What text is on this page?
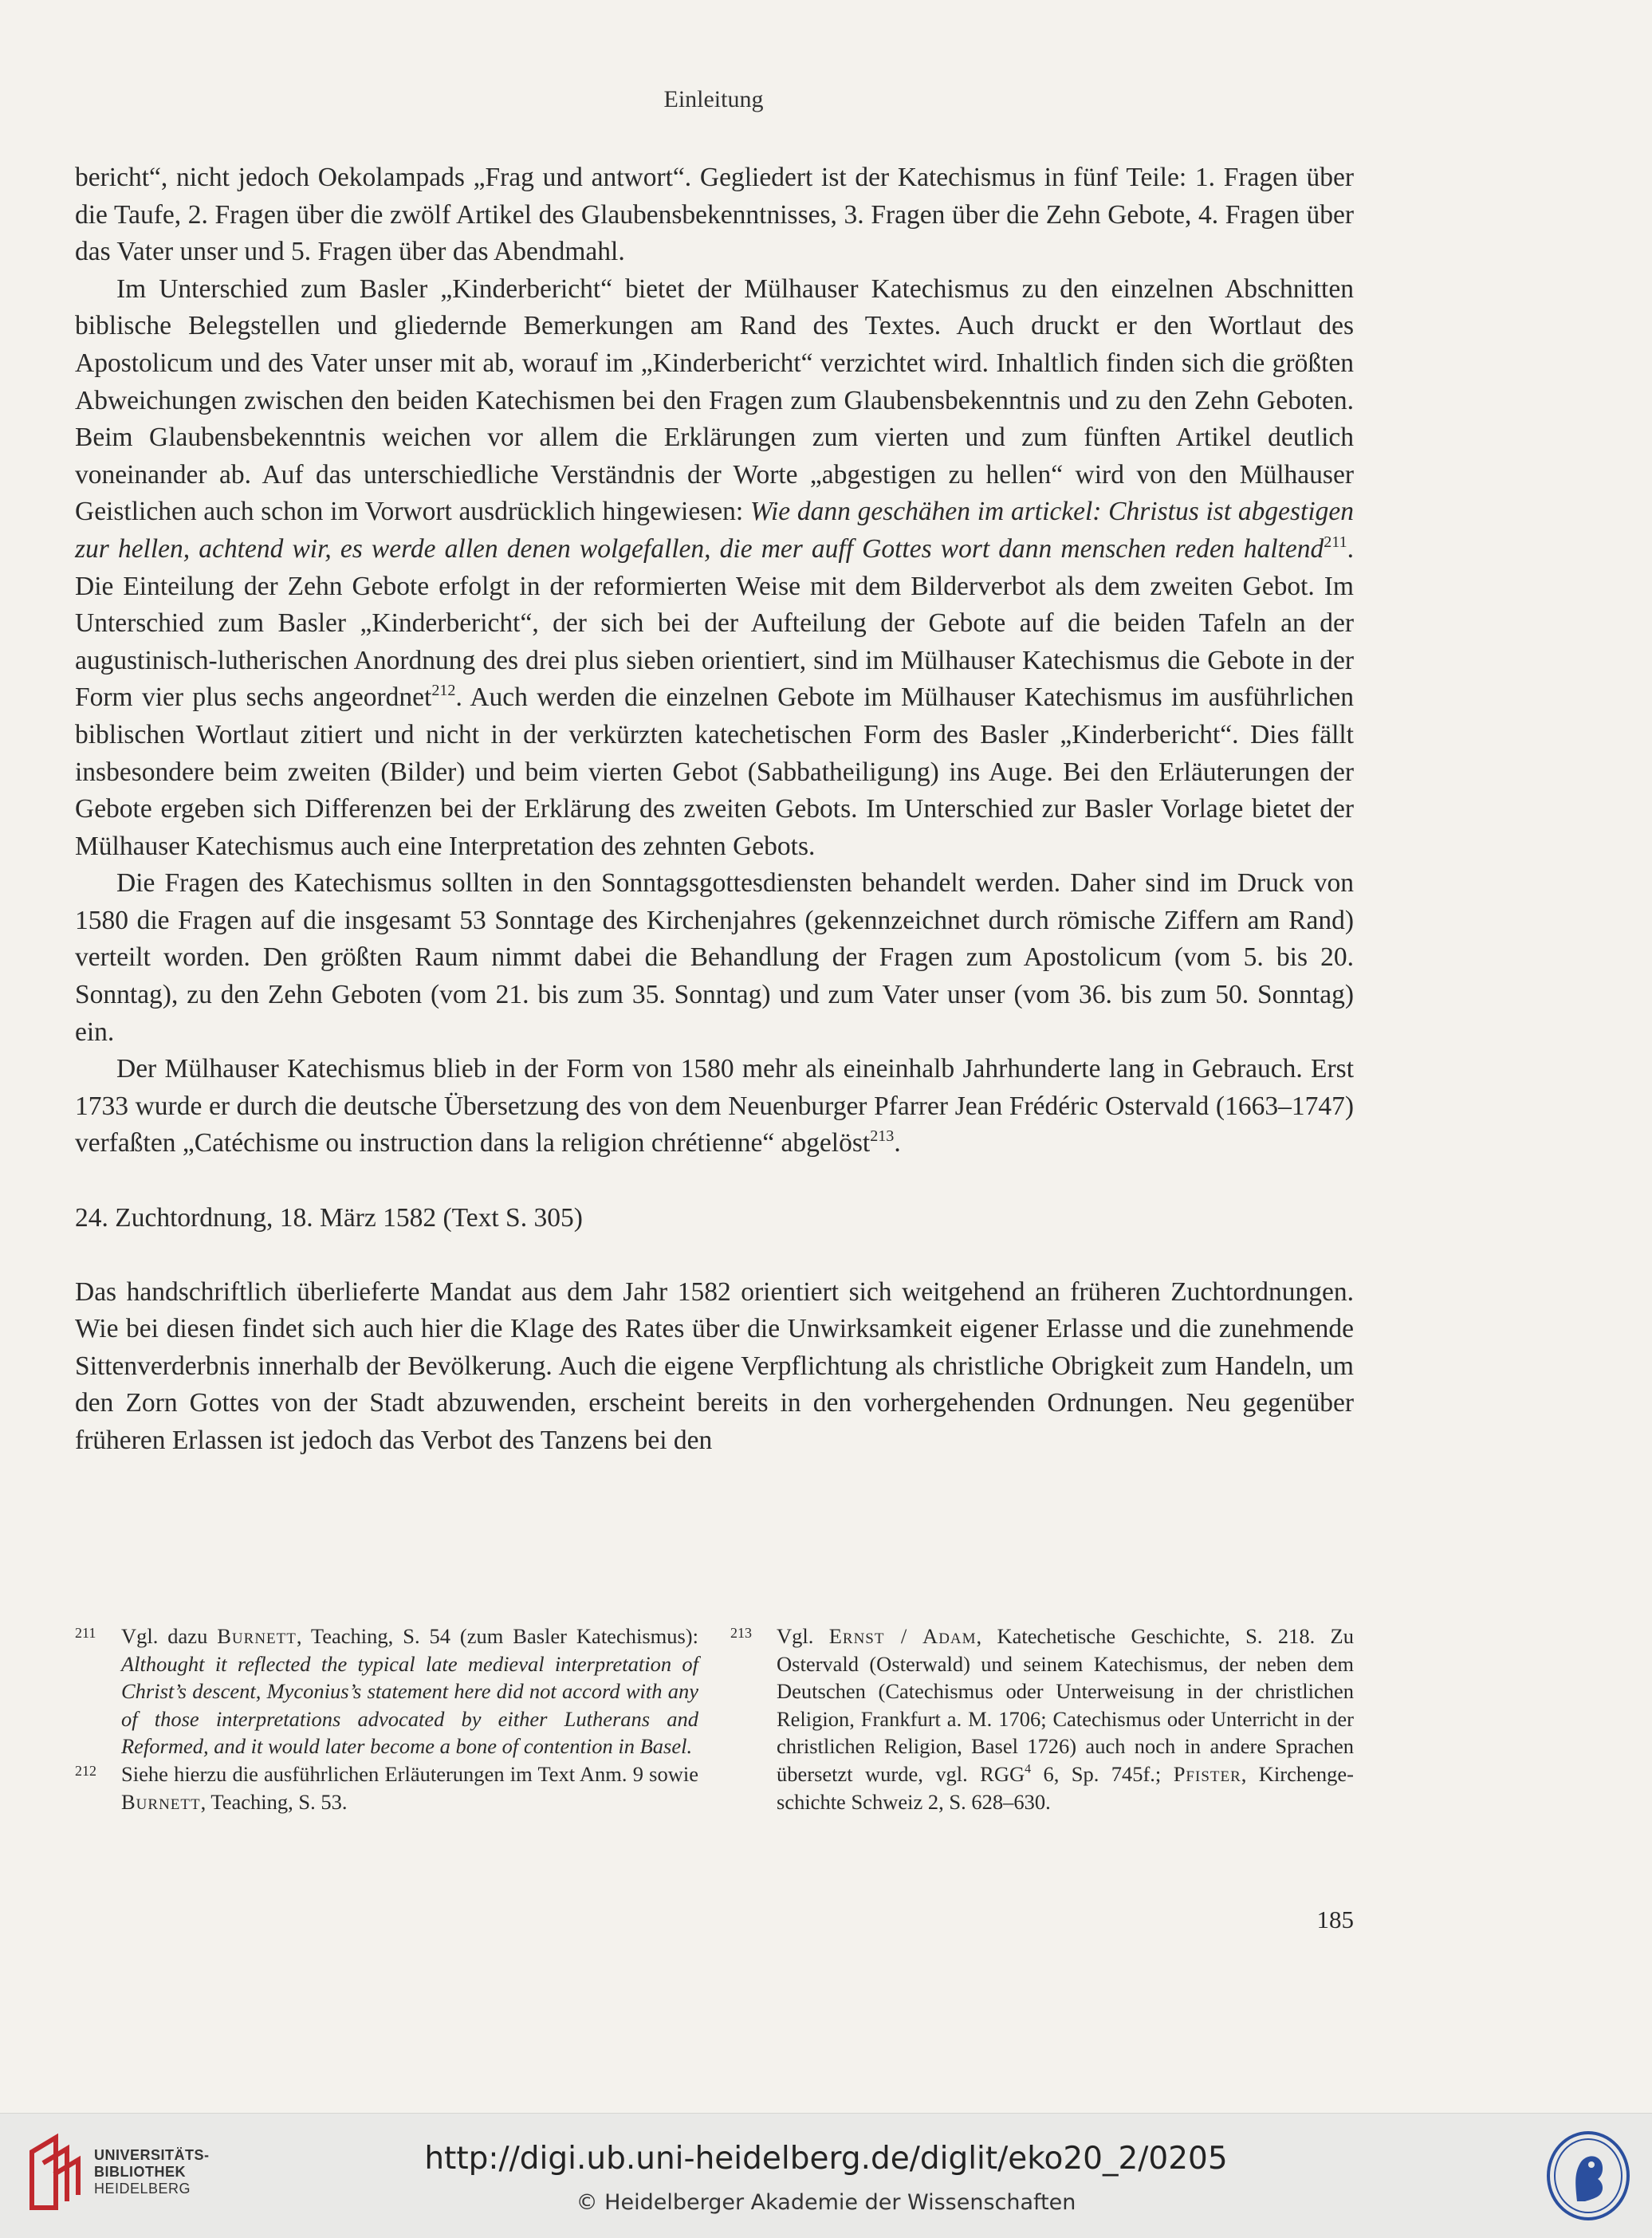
Einleitung

bericht“, nicht jedoch Oekolampads „Frag und antwort“. Gegliedert ist der Katechismus in fünf Teile: 1. Fragen über die Taufe, 2. Fragen über die zwölf Artikel des Glaubensbekenntnisses, 3. Fragen über die Zehn Gebote, 4. Fragen über das Vater unser und 5. Fragen über das Abendmahl.

Im Unterschied zum Basler „Kinderbericht“ bietet der Mülhauser Katechismus zu den einzelnen Abschnitten biblische Belegstellen und gliedernde Bemerkungen am Rand des Textes. Auch druckt er den Wortlaut des Apostolicum und des Vater unser mit ab, worauf im „Kinderbericht“ verzichtet wird. Inhaltlich finden sich die größten Abweichungen zwischen den beiden Katechismen bei den Fragen zum Glaubensbekenntnis und zu den Zehn Geboten. Beim Glaubensbekenntnis weichen vor allem die Erklärungen zum vierten und zum fünften Artikel deutlich voneinander ab. Auf das unterschiedliche Verständnis der Worte „abgestigen zu hellen“ wird von den Mülhauser Geistlichen auch schon im Vorwort ausdrücklich hingewiesen: Wie dann geschähen im artickel: Christus ist abgestigen zur hellen, achtend wir, es werde allen denen wolgefallen, die mer auff Gottes wort dann menschen reden haltend$^{211}$. Die Einteilung der Zehn Gebote erfolgt in der reformierten Weise mit dem Bilderverbot als dem zweiten Gebot. Im Unterschied zum Basler „Kinderbericht“, der sich bei der Aufteilung der Gebote auf die beiden Tafeln an der augustinisch-lutherischen Anordnung des drei plus sieben orientiert, sind im Mülhauser Katechismus die Gebote in der Form vier plus sechs angeordnet$^{212}$. Auch werden die einzelnen Gebote im Mülhauser Katechismus im ausführlichen biblischen Wortlaut zitiert und nicht in der verkürzten katechetischen Form des Basler „Kinderbericht“. Dies fällt insbesondere beim zweiten (Bilder) und beim vierten Gebot (Sabbatheiligung) ins Auge. Bei den Erläuterungen der Gebote ergeben sich Differenzen bei der Erklärung des zweiten Gebots. Im Unterschied zur Basler Vorlage bietet der Mülhauser Katechismus auch eine Interpretation des zehnten Gebots.

Die Fragen des Katechismus sollten in den Sonntagsgottesdiensten behandelt werden. Daher sind im Druck von 1580 die Fragen auf die insgesamt 53 Sonntage des Kirchenjahres (gekennzeichnet durch römische Ziffern am Rand) verteilt worden. Den größten Raum nimmt dabei die Behandlung der Fragen zum Apostolicum (vom 5. bis 20. Sonntag), zu den Zehn Geboten (vom 21. bis zum 35. Sonntag) und zum Vater unser (vom 36. bis zum 50. Sonntag) ein.

Der Mülhauser Katechismus blieb in der Form von 1580 mehr als eineinhalb Jahrhunderte lang in Gebrauch. Erst 1733 wurde er durch die deutsche Übersetzung des von dem Neuenburger Pfarrer Jean Frédéric Ostervald (1663–1747) verfaßten „Catéchisme ou instruction dans la religion chrétienne“ abgelöst$^{213}$.

24. Zuchtordnung, 18. März 1582 (Text S. 305)

Das handschriftlich überlieferte Mandat aus dem Jahr 1582 orientiert sich weitgehend an früheren Zuchtordnungen. Wie bei diesen findet sich auch hier die Klage des Rates über die Unwirksamkeit eigener Erlasse und die zunehmende Sittenverderbnis innerhalb der Bevölkerung. Auch die eigene Verpflichtung als christliche Obrigkeit zum Handeln, um den Zorn Gottes von der Stadt abzuwenden, erscheint bereits in den vorhergehenden Ordnungen. Neu gegenüber früheren Erlassen ist jedoch das Verbot des Tanzens bei den

211	Vgl. dazu Burnett, Teaching, S. 54 (zum Basler Katechismus): Althought it reflected the typical late medieval interpretation of Christ’s descent, Myconius’s statement here did not accord with any of those interpretations advocated by either Lutherans and Reformed, and it would later become a bone of contention in Basel.
212	Siehe hierzu die ausführlichen Erläuterungen im Text Anm. 9 sowie Burnett, Teaching, S. 53.
213	Vgl. Ernst / Adam, Katechetische Geschichte, S. 218. Zu Ostervald (Osterwald) und seinem Katechismus, der neben dem Deutschen (Catechismus oder Unterweisung in der christlichen Religion, Frankfurt a. M. 1706; Catechismus oder Unterricht in der christlichen Religion, Basel 1726) auch noch in andere Sprachen übersetzt wurde, vgl. RGG$^4$ 6, Sp. 745f.; Pfister, Kirchengeschichte Schweiz 2, S. 628–630.
185
UNIVERSITÄTS-
BIBLIOTHEK
HEIDELBERG
http://digi.ub.uni-heidelberg.de/diglit/eko20_2/0205
© Heidelberger Akademie der Wissenschaften
